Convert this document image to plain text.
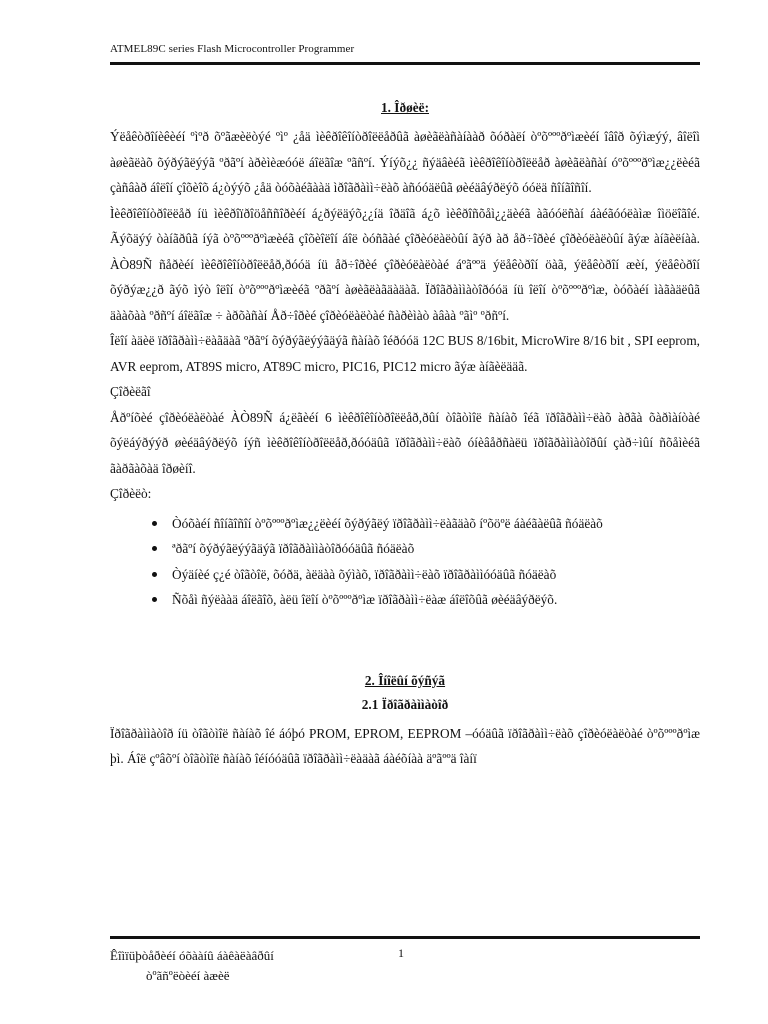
ATMEL89C series Flash Microcontroller Programmer
1. Îðøèë:

Ýëåêòðîíèêèéí ºìºð õºãæèëòýé ºìº ¿åä ìèêðîêîíòðîëëåðûã àøèãëàñàíààð õóðàëí òºõºººðºìæèéí îâîð õýìæýý, âîëîì àøèãëàõ õýðýãëýýã ºðãºí àðèìèæóóë áîëãîæ ºãñºí. Ýíýõ¿¿ ñýäâèéã ìèêðîêîíòðîëëåð àøèãëàñàí óºõºººðºìæ¿¿ëèéã çàñâàð áîëîí çîõèîõ á¿òýýõ ¿åä òóõàéãààä ìðîãðàìì÷ëàõ àñóóäëûã øèéäâýðëýõ óóëä ñîíãîñîí.

Ìèêðîêîíòðîëëåð íü ìèêðîïðîöåññîðèéí á¿ðýëäýõ¿¿íä îðäîã á¿õ ìèêðîñõåì¿¿äèéã àãóóëñàí áàéãóóëàìæ îìöëîãîé. Ãýõäýý òàíãðûã íýã òºõºººðºìæèéã çîõèîëîí áîë òóñãàé çîðèóëàëòûí ãýð àð åð÷îðèé çîðèóëàëòûí ãýæ àíãèëíàà. ÀÒ89Ñ ñåðèéí ìèêðîêîíòðîëëåð,ðóóä íü åð÷îðèé çîðèóëàëòàé áºãººä ýëåêòðîí öàã, ýëåêòðîí æèí, ýëåêòðîí õýðýæ¿¿ð ãýõ ìýò îëîí òºõºººðºìæèéã ºðãºí àøèãëàãäàäàã. Ïðîãðàììàòîðóóä íü îëîí òºõºººðºìæ, òóõàéí ìàãàäëûã äààõàà ºðñºí áîëãîæ ÷ àðõàñàí Åð÷îðèé çîðèóëàëòàé ñàðèìàò àâàà ºãìº ºðñºí.

Îëîí àäèë ïðîãðàìì÷ëàãäàã ºðãºí õýðýãëýýãäýã ñàíàõ îéðóóä 12C BUS 8/16bit, MicroWire 8/16 bit , SPI eeprom, AVR eeprom, AT89S micro, AT89C micro, PIC16, PIC12 micro ãýæ àíãèëääã.

Çîðèëãî

Åðºíõèé çîðèóëàëòàé ÀÒ89Ñ á¿ëãèéí 6 ìèêðîêîíòðîëëåð,ðûí òîãòìîë ñàíàõ îéã ïðîãðàìì÷ëàõ àðãà õàðìàíòàé õýëáýðýýð øèéäâýðëýõ íýñ ìèêðîêîíòðîëëåð,ðóóäûã ïðîãðàìì÷ëàõ óíèâåðñàëü ïðîãðàììàòîðûí çàð÷ìûí ñõåìèéã ãàðãàõàä îðøèíî.

Çîðèëò:

Òóõàéí ñîíãîñîí òºõºººðºìæ¿¿ëèéí õýðýãëý ïðîãðàìì÷ëàãäàõ íºõöºë áàéãàëûã ñóäëàõ
ªðãºí õýðýãëýýãäýã ïðîãðàììàòîðóóäûã ñóäëàõ
Òýäíèé ç¿é òîãòîë, õóðä, àëäàà õýìàõ, ïðîãðàìì÷ëàõ ïðîãðàììóóäûã ñóäëàõ
Ñõåì ñýëààä áîëãîõ, àëü îëîí òºõºººðºìæ ïðîãðàìì÷ëàæ áîëîõûã øèéäâýðëýõ.
2. Îíîëûí õýñýã
2.1 Ïðîãðàììàòîð

Ïðîãðàììàòîð íü òîãòìîë ñàíàõ îé áóþó PROM, EPROM, EEPROM –óóäûã ïðîãðàìì÷ëàõ çîðèóëàëòàé òºõºººðºìæ þì. Áîë çºâõºí òîãòìîë ñàíàõ îéíóóäûã ïðîãðàìì÷ëàäàã áàéõíàà äºãººä îàíï

Êîìïüþòåðèéí óõààíû áàêàëàâðûí
òºãñºëòèéí àæèë
1
